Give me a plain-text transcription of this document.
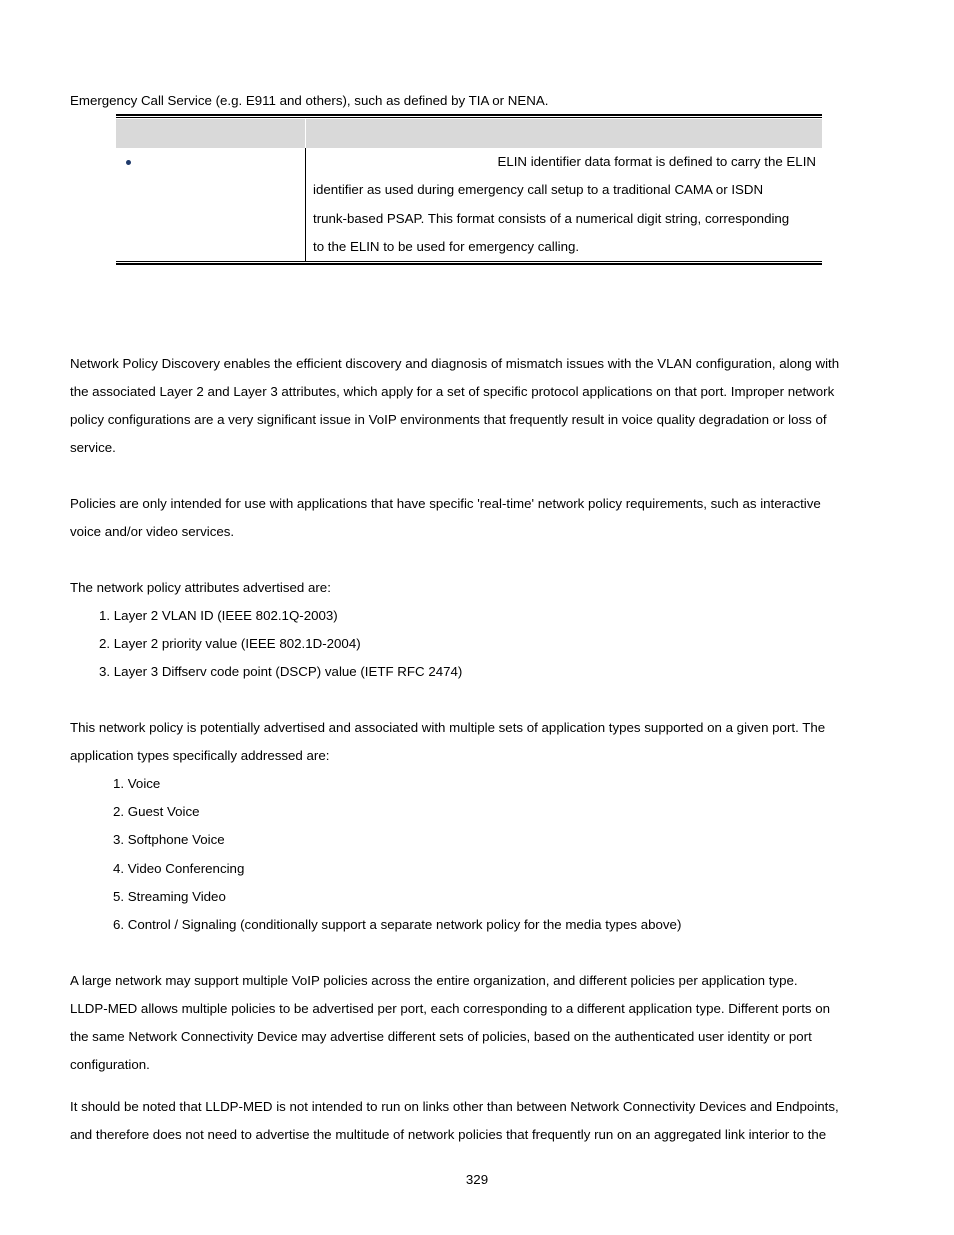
Emergency Call Service (e.g. E911 and others), such as defined by TIA or NENA.
ELIN identifier data format is defined to carry the ELIN
identifier as used during emergency call setup to a traditional CAMA or ISDN
trunk-based PSAP. This format consists of a numerical digit string, corresponding
to the ELIN to be used for emergency calling.

Network Policy Discovery enables the efficient discovery and diagnosis of mismatch issues with the VLAN configuration, along with

the associated Layer 2 and Layer 3 attributes, which apply for a set of specific protocol applications on that port. Improper network

policy configurations are a very significant issue in VoIP environments that frequently result in voice quality degradation or loss of

service.

Policies are only intended for use with applications that have specific 'real-time' network policy requirements, such as interactive

voice and/or video services.

The network policy attributes advertised are:
1. Layer 2 VLAN ID (IEEE 802.1Q-2003)
2. Layer 2 priority value (IEEE 802.1D-2004)
3. Layer 3 Diffserv code point (DSCP) value (IETF RFC 2474)

This network policy is potentially advertised and associated with multiple sets of application types supported on a given port. The

application types specifically addressed are:

1. Voice
2. Guest Voice
3. Softphone Voice
4. Video Conferencing
5. Streaming Video
6. Control / Signaling (conditionally support a separate network policy for the media types above)

A large network may support multiple VoIP policies across the entire organization, and different policies per application type.

LLDP-MED allows multiple policies to be advertised per port, each corresponding to a different application type. Different ports on

the same Network Connectivity Device may advertise different sets of policies, based on the authenticated user identity or port

configuration.

It should be noted that LLDP-MED is not intended to run on links other than between Network Connectivity Devices and Endpoints,

and therefore does not need to advertise the multitude of network policies that frequently run on an aggregated link interior to the

329
